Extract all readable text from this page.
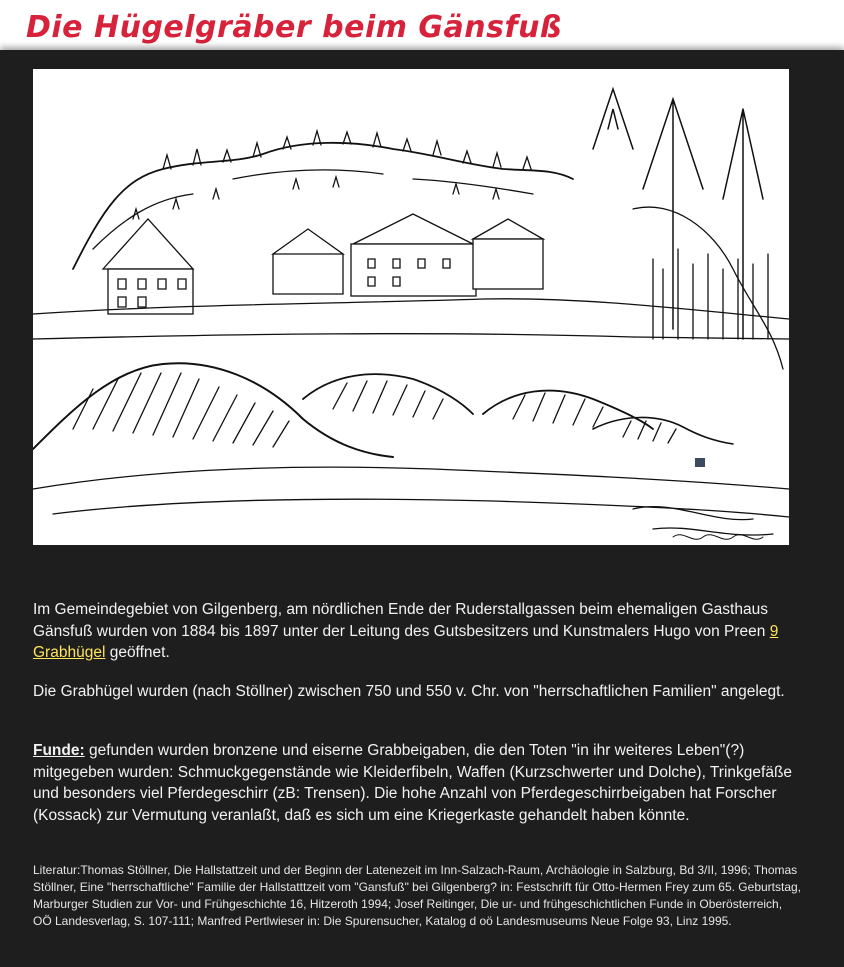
Die Hügelgräber beim Gänsfuß
Im Gemeindegebiet von Gilgenberg, am nördlichen Ende der Ruderstallgassen beim ehemaligen Gasthaus Gänsfuß wurden von 1884 bis 1897 unter der Leitung des Gutsbesitzers und Kunstmalers Hugo von Preen 9 Grabhügel geöffnet.
Die Grabhügel wurden (nach Stöllner) zwischen 750 und 550 v. Chr. von "herrschaftlichen Familien" angelegt.
Funde: gefunden wurden bronzene und eiserne Grabbeigaben, die den Toten "in ihr weiteres Leben"(?) mitgegeben wurden: Schmuckgegenstände wie Kleiderfibeln, Waffen (Kurzschwerter und Dolche), Trinkgefäße und besonders viel Pferdegeschirr (zB: Trensen). Die hohe Anzahl von Pferdegeschirrbeigaben hat Forscher (Kossack) zur Vermutung veranlaßt, daß es sich um eine Kriegerkaste gehandelt haben könnte.
Literatur:Thomas Stöllner, Die Hallstattzeit und der Beginn der Latenezeit im Inn-Salzach-Raum, Archäologie in Salzburg, Bd 3/II, 1996; Thomas Stöllner, Eine "herrschaftliche" Familie der Hallstatttzeit vom "Gansfuß" bei Gilgenberg? in: Festschrift für Otto-Hermen Frey zum 65. Geburtstag, Marburger Studien zur Vor- und Frühgeschichte 16, Hitzeroth 1994; Josef Reitinger, Die ur- und frühgeschichtlichen Funde in Oberösterreich, OÖ Landesverlag, S. 107-111; Manfred Pertlwieser in: Die Spurensucher, Katalog d oö Landesmuseums Neue Folge 93, Linz 1995.
